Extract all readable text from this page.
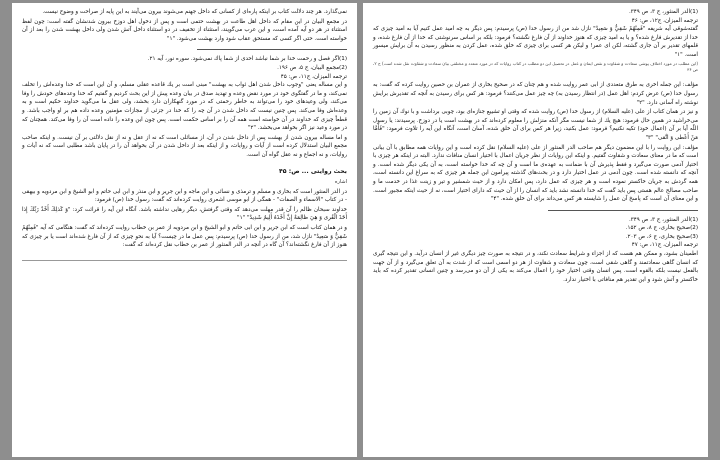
(1)الدر المنثور، ج ۳، ص ۳۴۹.

ترجمه الميزان، ج۱۲، ص: ۴۶

گفته‌شوقى آيه شريفه "فَمِنْهُمْ شَقِيٌّ وَ سَعِيدٌ" نازل شد من از رسول خدا (ص) پرسيدم: پس ديگر به چه اميد عمل كنيم آيا به اميد چيزى كه خدا از تقديرش فارغ شده؟ و يا به اميد چيزى كه هنوز خداوند از آن فارغ نگشته؟ فرمود: بلكه بر اساس سرنوشتى كه خدا از آن فارغ شده، و قلمهاى تقدير بر آن جارى گشته، لكن اى عمر! و ليكن هر كسى براى چيزى كه خلق شده، عمل كردن به منظور رسيدن به آن برايش ميسور است. "۱"

(اين مطلب در مورد اختلاف پوشى سعادت و شقاوت و نقض ايمان و عمل در تحصيل اين دو مطلب در كتاب روايات كه در مورد متعدد و مختلفى بيان سعادت و شقاوت نقل شده است) ج ۲، ص ۳۶

مؤلف: اين جمله اخرى به طرق متعددى از ابى عمر روايت شده و هم چنان كه در صحيح بخارى از عمران بن حصين روايت كرده كه گفت: به رسول خدا (ص) عرض كردم: اهل عمل (در انتظار رسيدن به) چه چيز عمل مى‌كنند؟ فرمود: هر كس براى رسيدن به آنچه كه تقديرش برايش نوشته راه آسانى دارد. "۲"

و نيز در همان كتاب از على (عليه السلام) از رسول خدا (ص) روايت شده كه وقتى او تشييع جنازه‌اى بود، چوبى برداشت و با نوك آن زمين را مى‌خراشيد در همين حال فرمود: هيچ يك از شما نيست مگر آنكه منزلش را معلوم كرده‌اند كه در بهشت است يا در دوزخ. پرسيدند: يا رسول اللّه آيا بر آن (اعمال خود) تكيه نكنيم؟ فرمود: عمل بكنيد، زيرا هر كس براى آن خلق شده، آسان است، آنگاه اين آيه را تلاوت فرمود: "فَأَمَّا مَنْ أَعْطى وَ اتَّقى" "۳"

مؤلف: اين روايت را با اين مضمون ديگر هم صاحب الدر المنثور از على (عليه السلام) نقل كرده است و اين روايات همه مطابق با آن بيانى است كه ما در معناى سعادت و شقاوت گفتيم. و اينكه اين روايات از نظر جريان اعمال با اختيار انسان منافات ندارد. البته در اينكه هر چيزى با اختيار آدمى صورت مى‌گيرد و فقط پذيرش آن با ضمانت به عهده‌ى ما است و آن چه كه خدا خواسته است، به آن يكى ديگر شده است. و آنچه كه دانسته شده است. چون آدمى در عمل اختيار دارد و در بحث‌هاى گذشته پيرامون اين جمله هر چيزى كه به سراغ اين دانسته است، همه گردش به جريان خاكستر نموده است و هر چيزى كه عمل دارد، پس امكان دارد و از حيث شمشير و تير و زينت غذا در خدمت ما و صاحب مصالح عالم هستى پس بايد گفت كه خدا دانسته نشد بايد كه انسان را از آن حيث كه داراى اختيار است، نه از حيث اينكه مجبور است. و اين معناى آن است كه پاسخ آن عمل را شايسته هر كس مى‌داند براى آن خلق شده. "۴"

(1)الدر المنثور، ج ۳، ص ۳۴۹.

(2)صحيح بخارى، ج ۸، ص ۱۵۲.

(3)صحيح بخارى، ج ۶، ص ۲۰۳.

ترجمه الميزان، ج۱۱، ص: ۴۷

اطمينان بشود، و ممكن هم هست كه از اجزاء و شرايط سعادت نكند، و در نتيجه به صورت چيز ديگرى غير از انسان درآيد. و اين نتيجه گيرى كه انسان گاهى سعادتمند و گاهى شقى است، چون سعادت و شقاوت از هر دو اسمى است كه از شدت به آن تعلق مى‌گيرد و از آن جهت بالفعل نيست بلكه بالقوه است. پس انسان وقتى اختيار خود را اعمال مى‌كند به يكى از آن دو مى‌رسد و چنين انسانى تقدير كرده كه بايد خاكستر و آتش شود و اين تقدير هم منافاتى با اختيار ندارد.

نمى‌گذارد. هر چند دلالت كتاب بر اينكه پاره‌اى از كسانى كه داخل جهنم مى‌شوند بيرون مى‌آيند به اين پايه از صراحت و وضوح نيست.

در مجمع البيان در اين مقام كه داخل اهل طاعت در بهشت حتمى است و پس از دخول اهل دوزخ بيرون شدنشان گفته است: چون لفظ استثناء در هر دو آيه آمده است، و اين عرب مى‌گويند، استثناء از تخفيف در دو استثناء داخل آتش شدن ولى داخل بهشت شدن را بعد از آن خواسته است. حتى اگر كسى كه مستحق عقاب شود وارد بهشت مى‌شود. "۱"

(1)اگر فصل و رحمت خدا بر شما نباشد احدى از شما پاك نمى‌شود. سوره نور، آيه ۲۱.

(2)مجمع البيان، ج ۵، ص ۱۹۶.

ترجمه الميزان، ج۱۱، ص: ۴۵

و اين مساله يعنى "وجوب داخل شدن اهل ثواب به بهشت" مبنى است بر يك قاعده عقلى مسلم، و آن اين است كه خدا وعده‌اش را تخلف نمى‌كند، و ما در گفتگوى خود در مورد نقض وعده و تهديد صدق در بيان وعده پيش از اين بحث كرديم و گفتيم كه خدا وعده‌هاى خودش را وفا مى‌كند، ولى وعيدهاى خود را مى‌تواند به خاطر رحمتى كه در مورد گنهكاران دارد بخشد، ولى عقل ما مى‌گويد خداوند حكيم است و به وعده‌اش وفا مى‌كند. پس چنين نيست كه داخل شدن در آن چه را كه خدا در جزئى از مجازات مؤمنين وعده داده هم بر او واجب باشد. و قطعاً چيزى كه خداوند در آن خواسته است همه آن را بر اساس حكمت است. پس چون اين وعده را داده است آن را وفا مى‌كند. همچنان كه در مورد وعيد نيز اگر بخواهد مى‌بخشد. "۲"

و اما مساله بيرون شدن از بهشت پس از داخل شدن در آن، از مسائلى است كه نه از عقل و نه از نقل دلالتى بر آن نيست. و اينكه صاحب مجمع البيان استدلال كرده است از آيات و روايات، و از اينكه بعد از داخل شدن در آن بخواهد آن را در پايان باشد مطلبى است كه نه آيات و روايات، و نه اجماع و نه عقل گواه آن است.

بحث روايتى ... ص: ۴۵

اشاره

در الدر المنثور است كه بخارى و مسلم و ترمذى و نسائى و ابن ماجه و ابن جرير و ابن منذر و ابن ابى حاتم و ابو الشيخ و ابن مردويه و بيهقى - در كتاب "الاسماء و الصفات" - همگى از ابو موسى اشعرى روايت كرده‌اند كه گفت: رسول خدا (ص) فرمود:

خداوند سبحان ظالم را آن قدر مهلت مى‌دهد كه وقتى گرفتش، ديگر رهايى نداشته باشد. آنگاه اين آيه را قرائت كرد: "وَ كَذلِكَ أَخْذُ رَبِّكَ إِذا أَخَذَ الْقُرى وَ هِيَ ظالِمَةٌ إِنَّ أَخْذَهُ أَلِيمٌ شَدِيدٌ" "۱"

و در همان كتاب است كه ابن جرير و ابن ابى حاتم و ابو الشيخ و ابن مردويه از عمر بن خطاب روايت كرده‌اند كه گفت: هنگامى كه آيه "فَمِنْهُمْ شَقِيٌّ وَ سَعِيدٌ" نازل شد، من از رسول خدا (ص) پرسيدم: پس عمل ما در چيست؟ آيا به نحو چيزى كه از آن فارغ شده‌اند است يا بر چيزى كه هنوز از آن فارغ نگشته‌اند؟ آن گاه در آنچه در الدر المنثور از عمر بن خطاب نقل كرده‌اند كه گفت:
